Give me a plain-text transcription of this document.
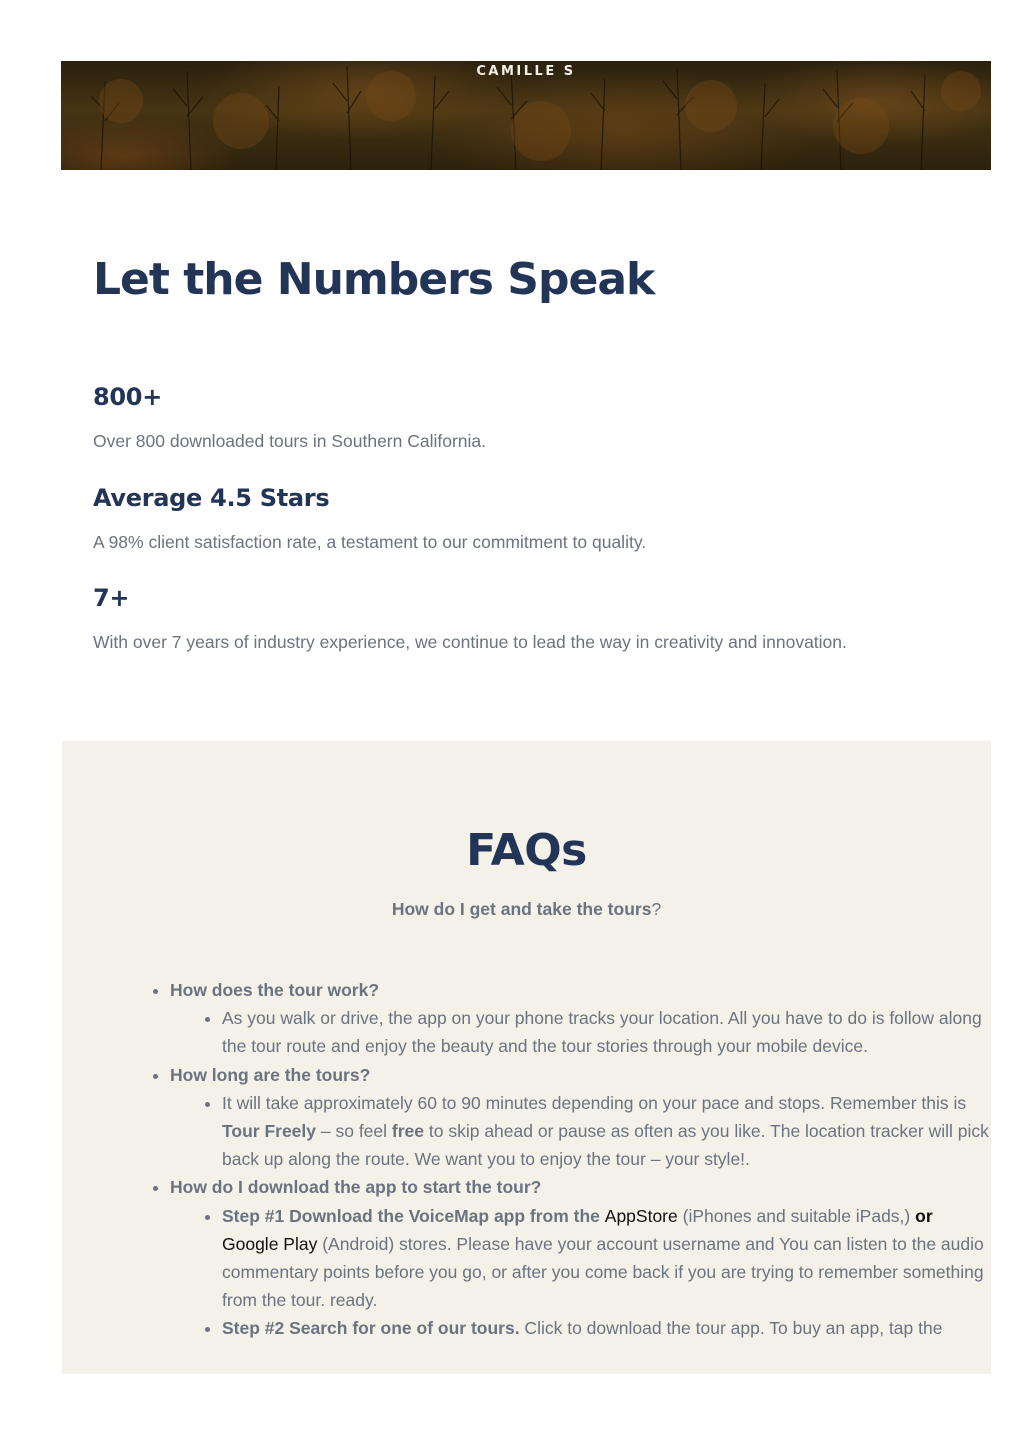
CAMILLE S
Let the Numbers Speak
800+

Over 800 downloaded tours in Southern California.

Average 4.5 Stars

A 98% client satisfaction rate, a testament to our commitment to quality.

7+

With over 7 years of industry experience, we continue to lead the way in creativity and innovation.

FAQs

How do I get and take the tours?

• How does the tour work?
• As you walk or drive, the app on your phone tracks your location. All you have to do is follow along the tour route and enjoy the beauty and the tour stories through your mobile device.
• How long are the tours?
• It will take approximately 60 to 90 minutes depending on your pace and stops. Remember this is Tour Freely – so feel free to skip ahead or pause as often as you like. The location tracker will pick back up along the route. We want you to enjoy the tour – your style!.
• How do I download the app to start the tour?
• Step #1 Download the VoiceMap app from the AppStore (iPhones and suitable iPads,) or Google Play (Android) stores. Please have your account username and You can listen to the audio commentary points before you go, or after you come back if you are trying to remember something from the tour. ready.
• Step #2 Search for one of our tours. Click to download the tour app. To buy an app, tap the
